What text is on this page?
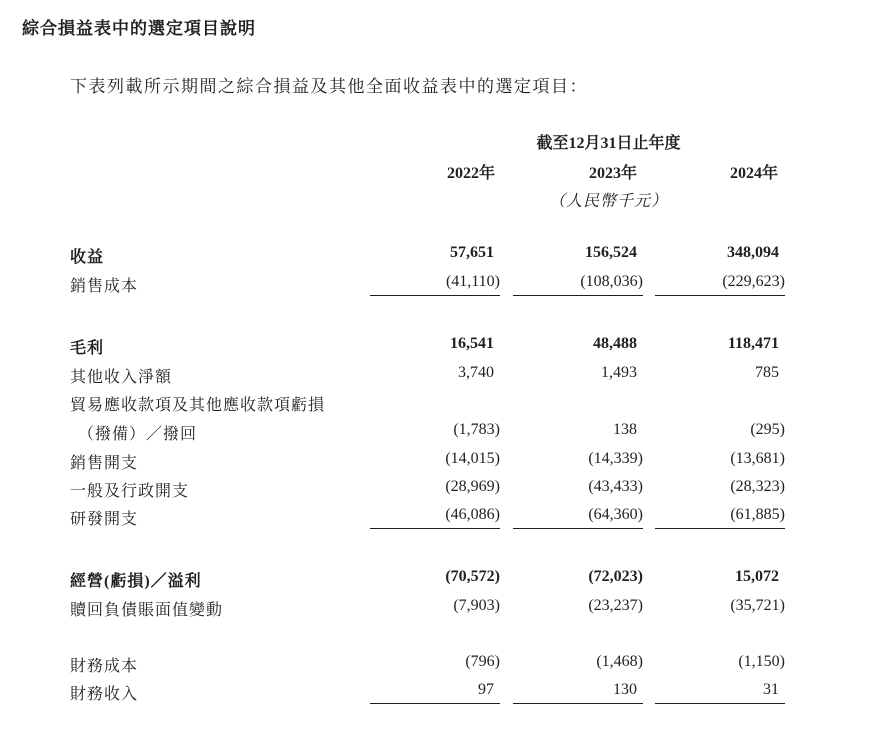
綜合損益表中的選定項目說明
下表列載所示期間之綜合損益及其他全面收益表中的選定項目：
截至12月31日止年度
2022年	2023年	2024年
（人民幣千元）
收益	57,651	156,524	348,094
銷售成本	(41,110)	(108,036)	(229,623)
毛利	16,541	48,488	118,471
其他收入淨額	3,740	1,493	785
貿易應收款項及其他應收款項虧損
（撥備）／撥回	(1,783)	138	(295)
銷售開支	(14,015)	(14,339)	(13,681)
一般及行政開支	(28,969)	(43,433)	(28,323)
研發開支	(46,086)	(64,360)	(61,885)
經營(虧損)／溢利	(70,572)	(72,023)	15,072
贖回負債賬面值變動	(7,903)	(23,237)	(35,721)
財務成本	(796)	(1,468)	(1,150)
財務收入	97	130	31
